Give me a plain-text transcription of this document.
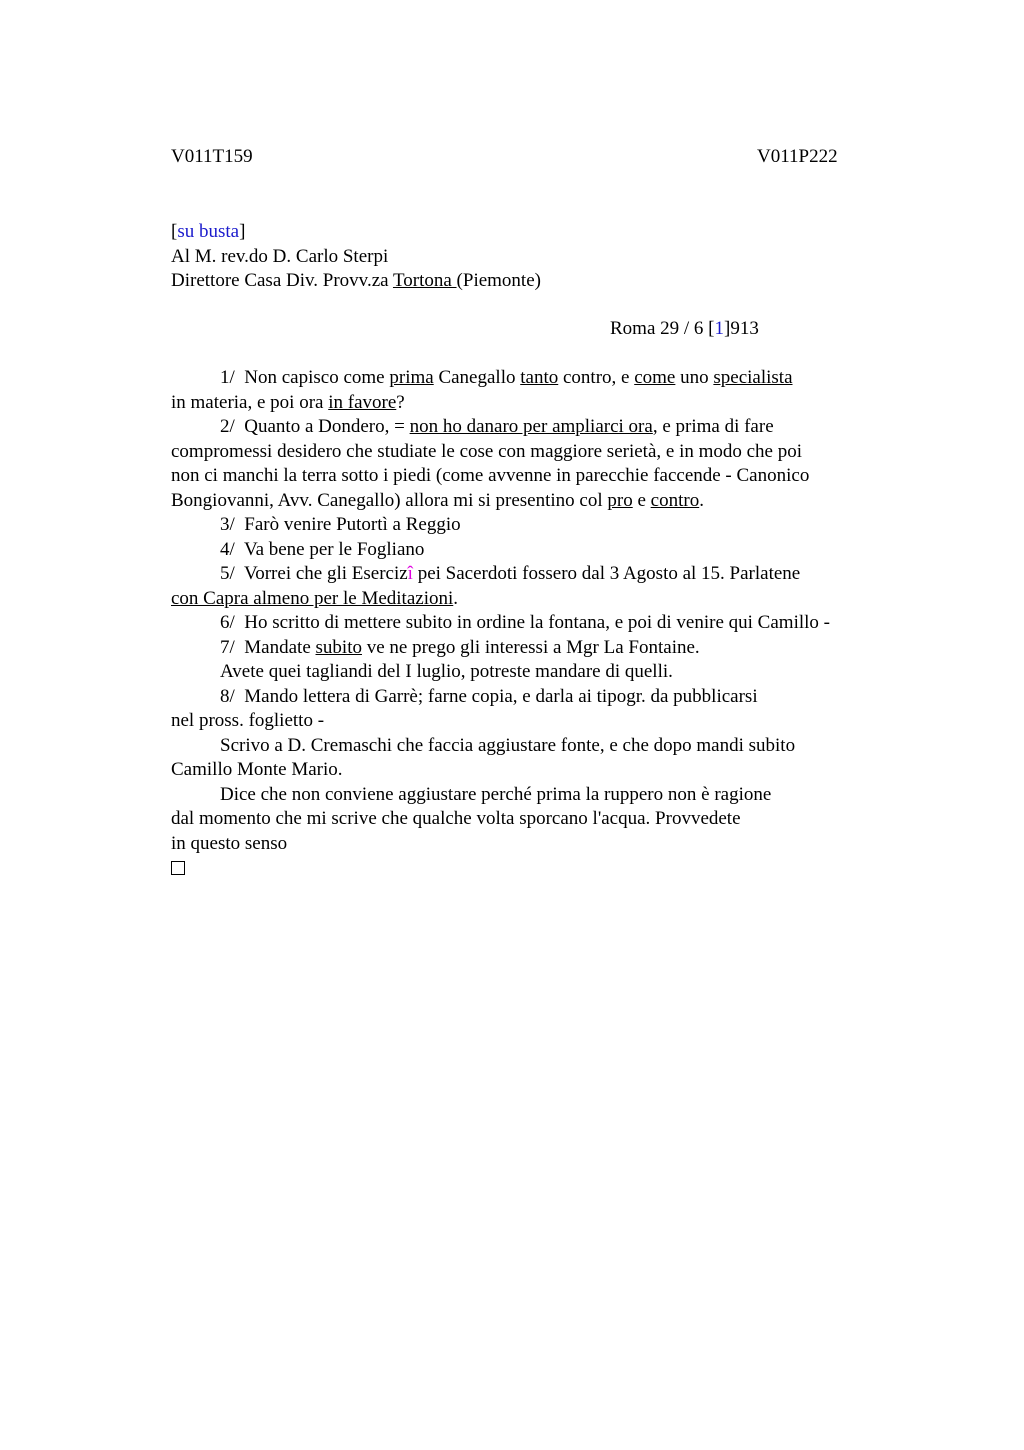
V011T159	V011P222
[su busta]
Al M. rev.do D. Carlo Sterpi
Direttore Casa Div. Provv.za Tortona (Piemonte)
Roma 29 / 6 [1]913
1/ Non capisco come prima Canegallo tanto contro, e come uno specialista
in materia, e poi ora in favore?
2/ Quanto a Dondero, = non ho danaro per ampliarci ora, e prima di fare
compromessi desidero che studiate le cose con maggiore serietà, e in modo che poi
non ci manchi la terra sotto i piedi (come avvenne in parecchie faccende - Canonico
Bongiovanni, Avv. Canegallo) allora mi si presentino col pro e contro.
3/ Farò venire Putortì a Reggio
4/ Va bene per le Fogliano
5/ Vorrei che gli Esercizî pei Sacerdoti fossero dal 3 Agosto al 15. Parlatene
con Capra almeno per le Meditazioni.
6/ Ho scritto di mettere subito in ordine la fontana, e poi di venire qui Camillo -
7/ Mandate subito ve ne prego gli interessi a Mgr La Fontaine.
Avete quei tagliandi del I luglio, potreste mandare di quelli.
8/ Mando lettera di Garrè; farne copia, e darla ai tipogr. da pubblicarsi
nel pross. foglietto -
Scrivo a D. Cremaschi che faccia aggiustare fonte, e che dopo mandi subito
Camillo Monte Mario.
Dice che non conviene aggiustare perché prima la ruppero non è ragione
dal momento che mi scrive che qualche volta sporcano l'acqua. Provvedete
in questo senso
